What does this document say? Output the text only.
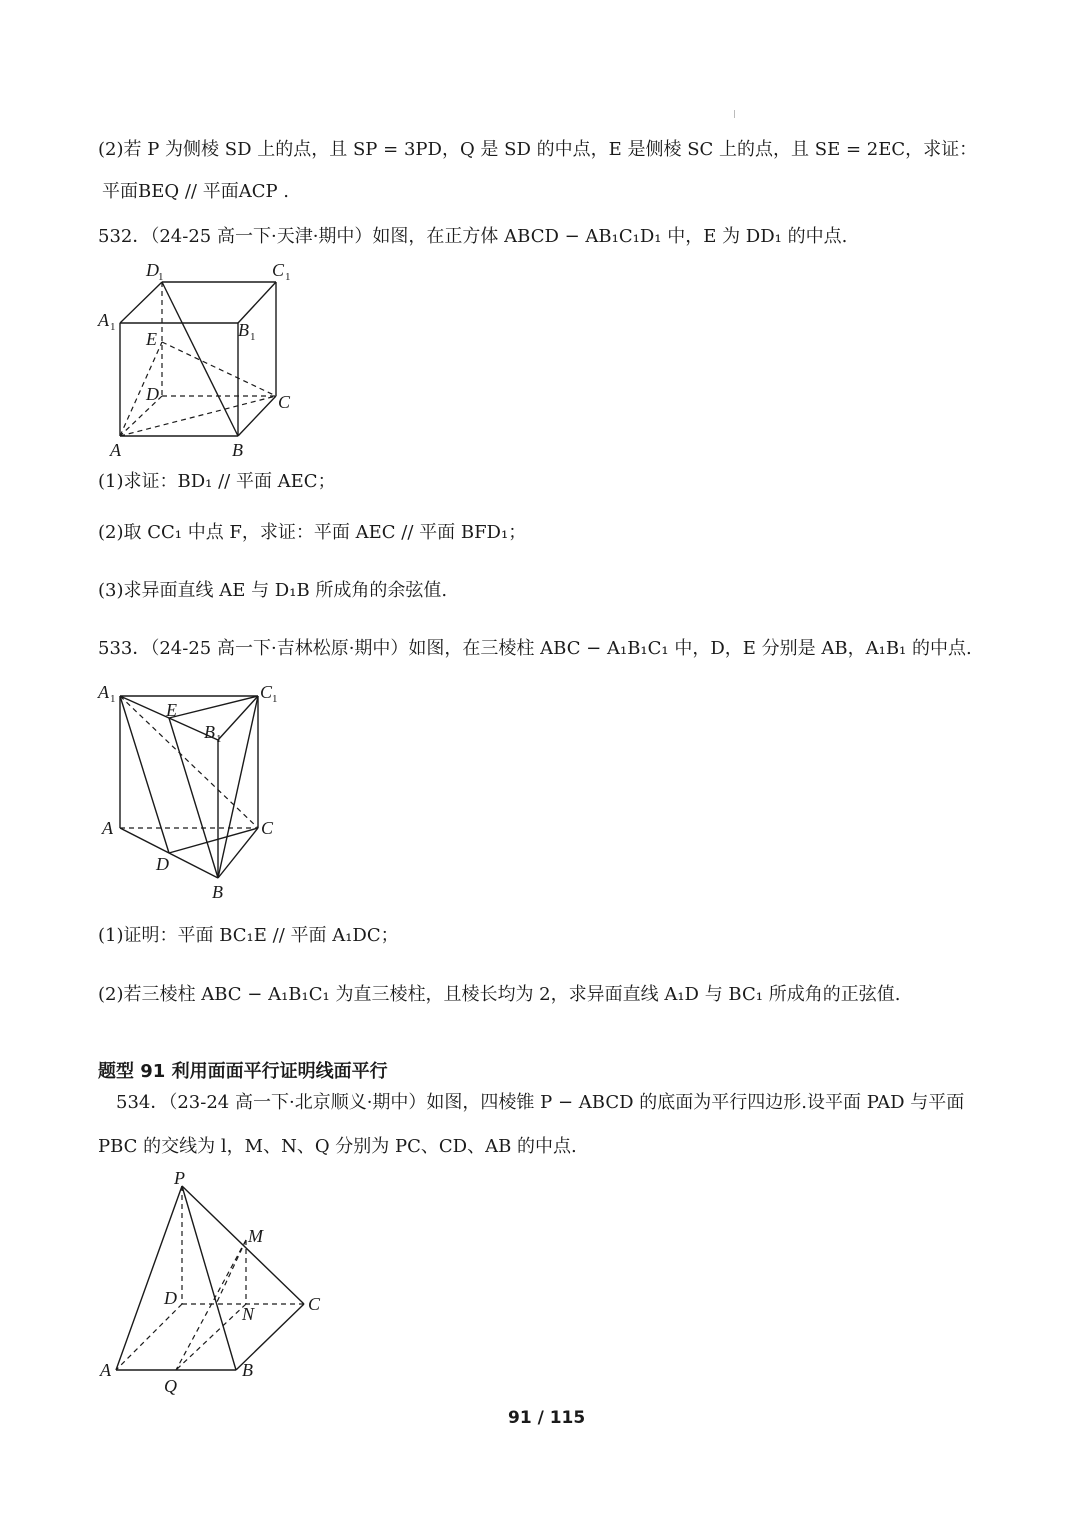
(2)若 P 为侧棱 SD 上的点，且 SP = 3PD，Q 是 SD 的中点，E 是侧棱 SC 上的点，且 SE = 2EC，求证：
平面BEQ // 平面ACP .
532．（24-25 高一下·天津·期中）如图，在正方体 ABCD − AB₁C₁D₁ 中，E 为 DD₁ 的中点.
D 1	C 1
A 1	B 1
E
D	C
A	B
(1)求证：BD₁ // 平面 AEC；
(2)取 CC₁ 中点 F，求证：平面 AEC // 平面 BFD₁；
(3)求异面直线 AE 与 D₁B 所成角的余弦值.
533．（24-25 高一下·吉林松原·期中）如图，在三棱柱 ABC − A₁B₁C₁ 中，D，E 分别是 AB，A₁B₁ 的中点.
A 1	C 1
E
B 1
A	C
D
B
(1)证明：平面 BC₁E // 平面 A₁DC；
(2)若三棱柱 ABC − A₁B₁C₁ 为直三棱柱，且棱长均为 2，求异面直线 A₁D 与 BC₁ 所成角的正弦值.
题型 91 利用面面平行证明线面平行
534．（23-24 高一下·北京顺义·期中）如图，四棱锥 P − ABCD 的底面为平行四边形.设平面 PAD 与平面
PBC 的交线为 l，M、N、Q 分别为 PC、CD、AB 的中点.
P
M
D
N	C
A
Q
B
91 / 115
